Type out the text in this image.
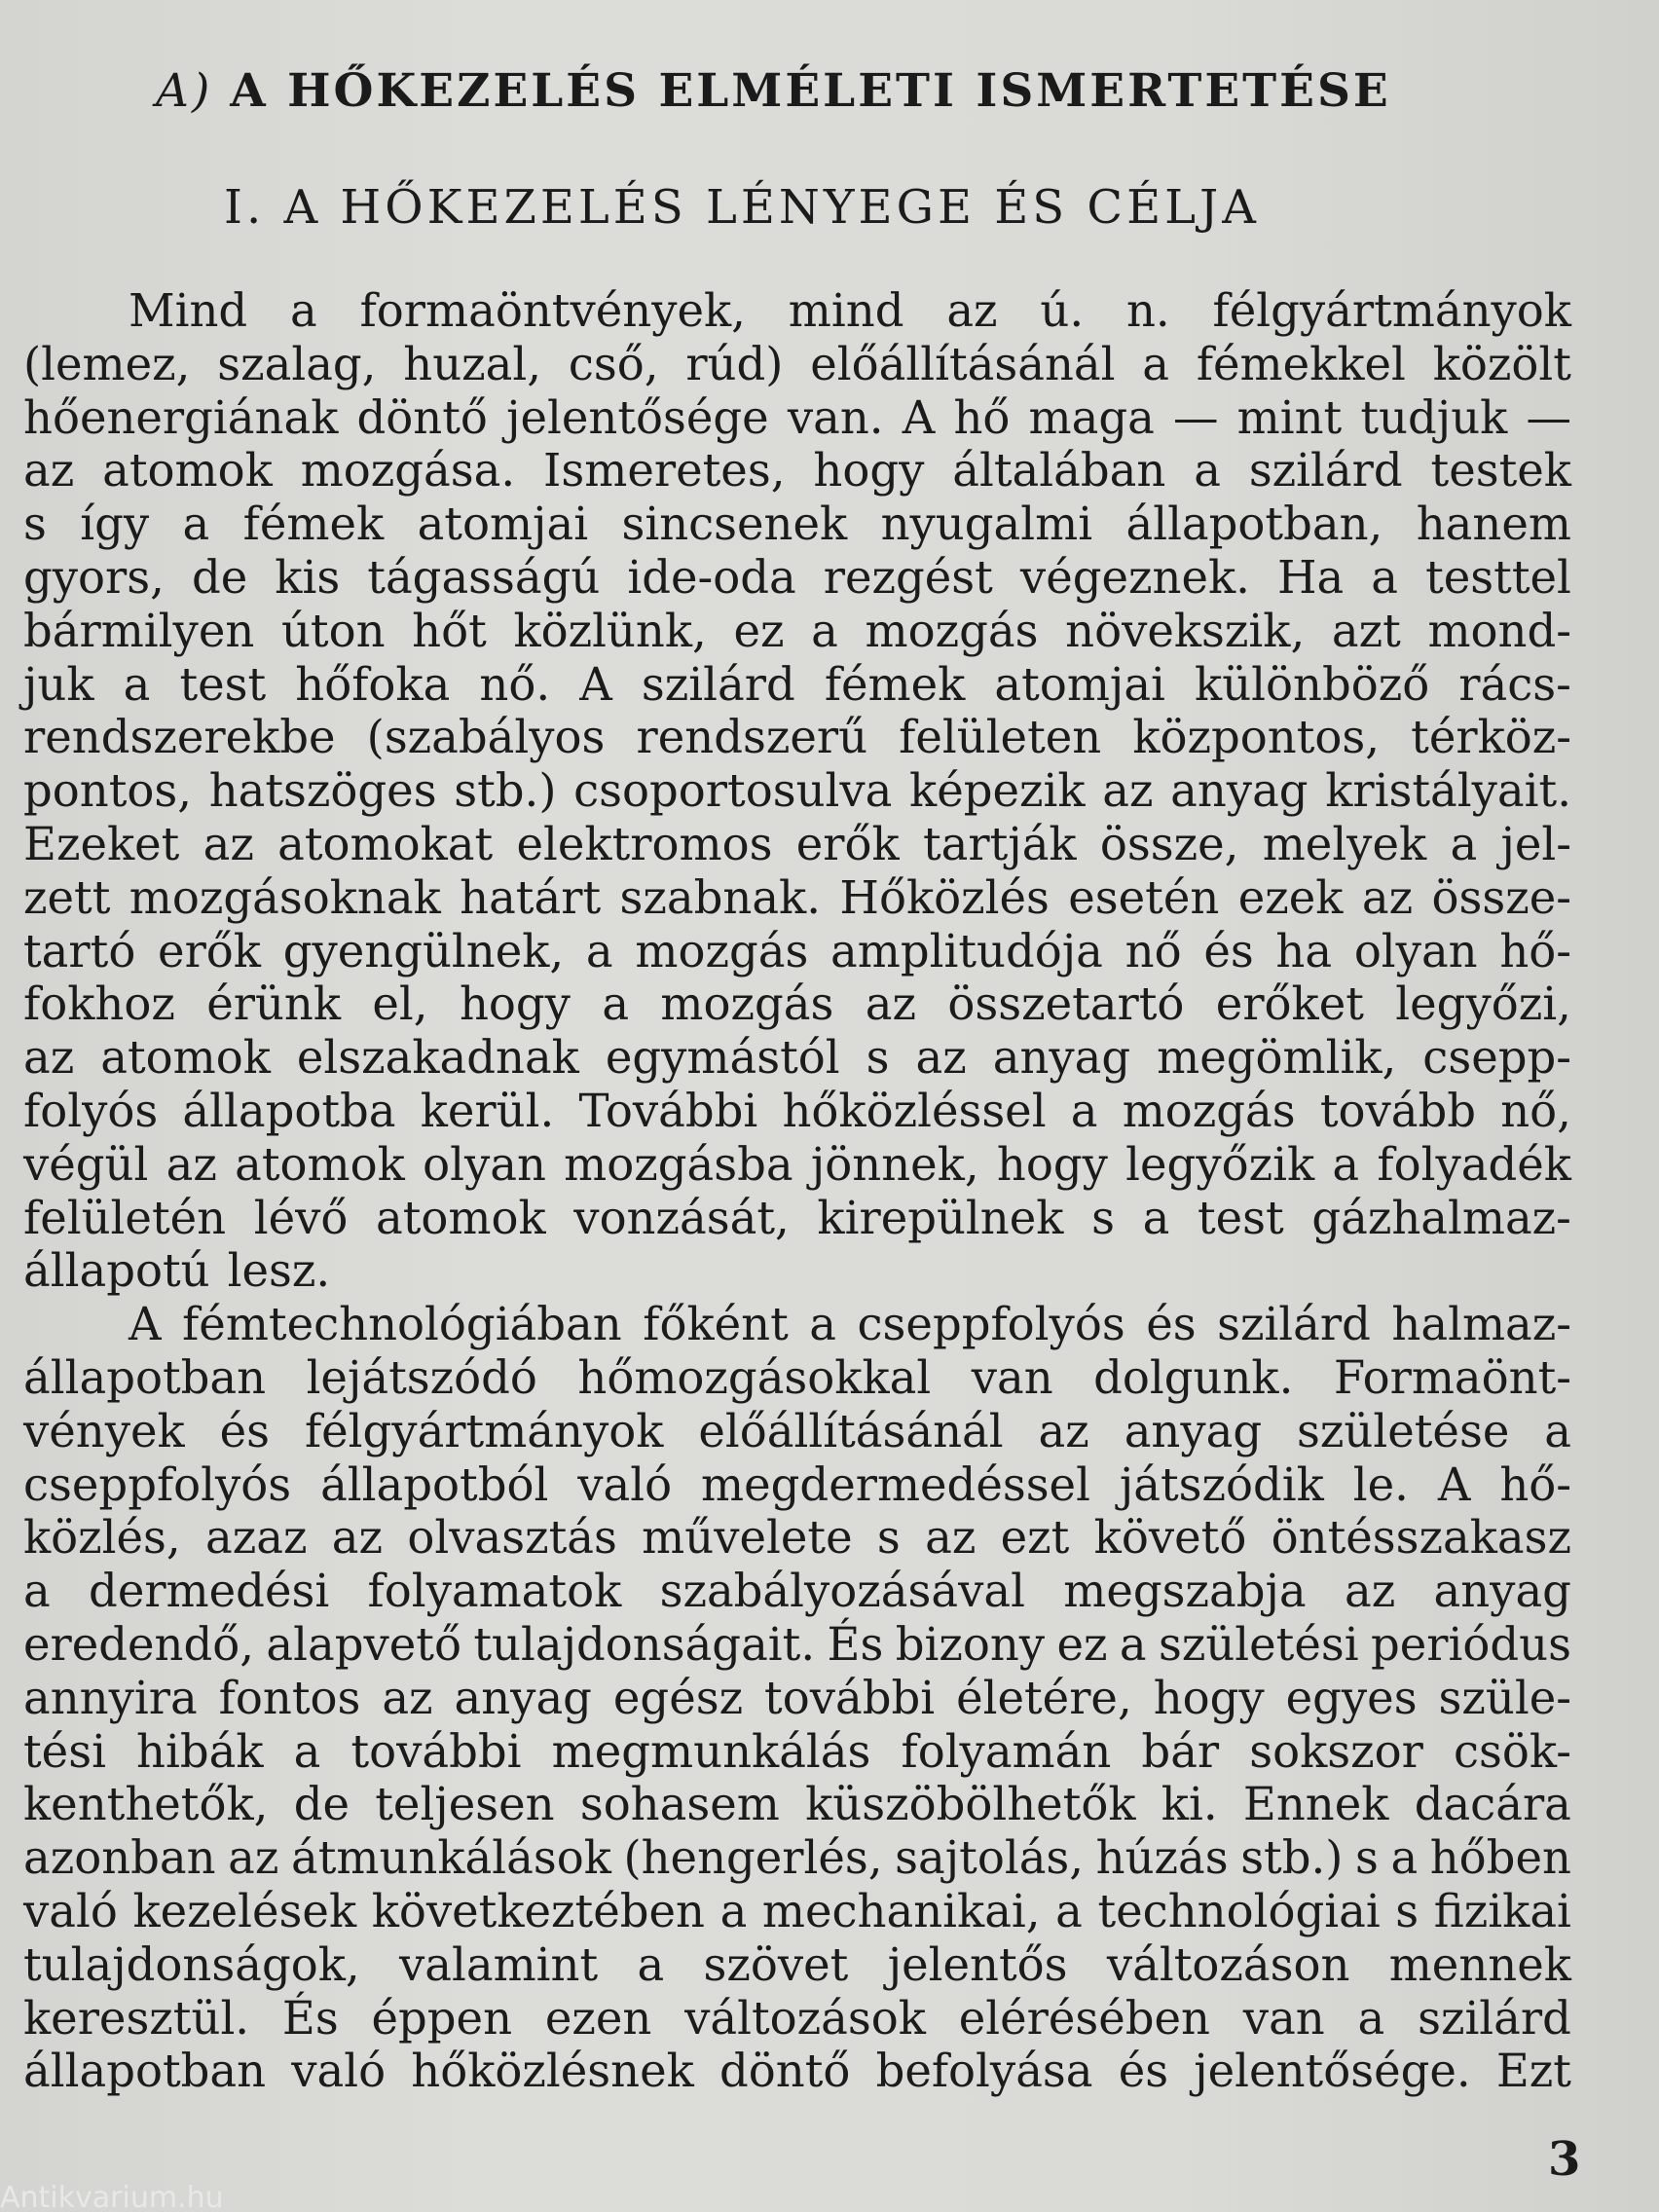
A) A HŐKEZELÉS ELMÉLETI ISMERTETÉSE
I. A HŐKEZELÉS LÉNYEGE ÉS CÉLJA
Mind a formaöntvények, mind az ú. n. félgyártmányok
(lemez, szalag, huzal, cső, rúd) előállításánál a fémekkel közölt
hőenergiának döntő jelentősége van. A hő maga — mint tudjuk —
az atomok mozgása. Ismeretes, hogy általában a szilárd testek
s így a fémek atomjai sincsenek nyugalmi állapotban, hanem
gyors, de kis tágasságú ide-oda rezgést végeznek. Ha a testtel
bármilyen úton hőt közlünk, ez a mozgás növekszik, azt mond-
juk a test hőfoka nő. A szilárd fémek atomjai különböző rács-
rendszerekbe (szabályos rendszerű felületen központos, térköz-
pontos, hatszöges stb.) csoportosulva képezik az anyag kristályait.
Ezeket az atomokat elektromos erők tartják össze, melyek a jel-
zett mozgásoknak határt szabnak. Hőközlés esetén ezek az össze-
tartó erők gyengülnek, a mozgás amplitudója nő és ha olyan hő-
fokhoz érünk el, hogy a mozgás az összetartó erőket legyőzi,
az atomok elszakadnak egymástól s az anyag megömlik, csepp-
folyós állapotba kerül. További hőközléssel a mozgás tovább nő,
végül az atomok olyan mozgásba jönnek, hogy legyőzik a folyadék
felületén lévő atomok vonzását, kirepülnek s a test gázhalmaz-
állapotú lesz.
A fémtechnológiában főként a cseppfolyós és szilárd halmaz-
állapotban lejátszódó hőmozgásokkal van dolgunk. Formaönt-
vények és félgyártmányok előállításánál az anyag születése a
cseppfolyós állapotból való megdermedéssel játszódik le. A hő-
közlés, azaz az olvasztás művelete s az ezt követő öntésszakasz
a dermedési folyamatok szabályozásával megszabja az anyag
eredendő, alapvető tulajdonságait. És bizony ez a születési periódus
annyira fontos az anyag egész további életére, hogy egyes szüle-
tési hibák a további megmunkálás folyamán bár sokszor csök-
kenthetők, de teljesen sohasem küszöbölhetők ki. Ennek dacára
azonban az átmunkálások (hengerlés, sajtolás, húzás stb.) s a hőben
való kezelések következtében a mechanikai, a technológiai s fizikai
tulajdonságok, valamint a szövet jelentős változáson mennek
keresztül. És éppen ezen változások elérésében van a szilárd
állapotban való hőközlésnek döntő befolyása és jelentősége. Ezt
3
Antikvarium.hu
